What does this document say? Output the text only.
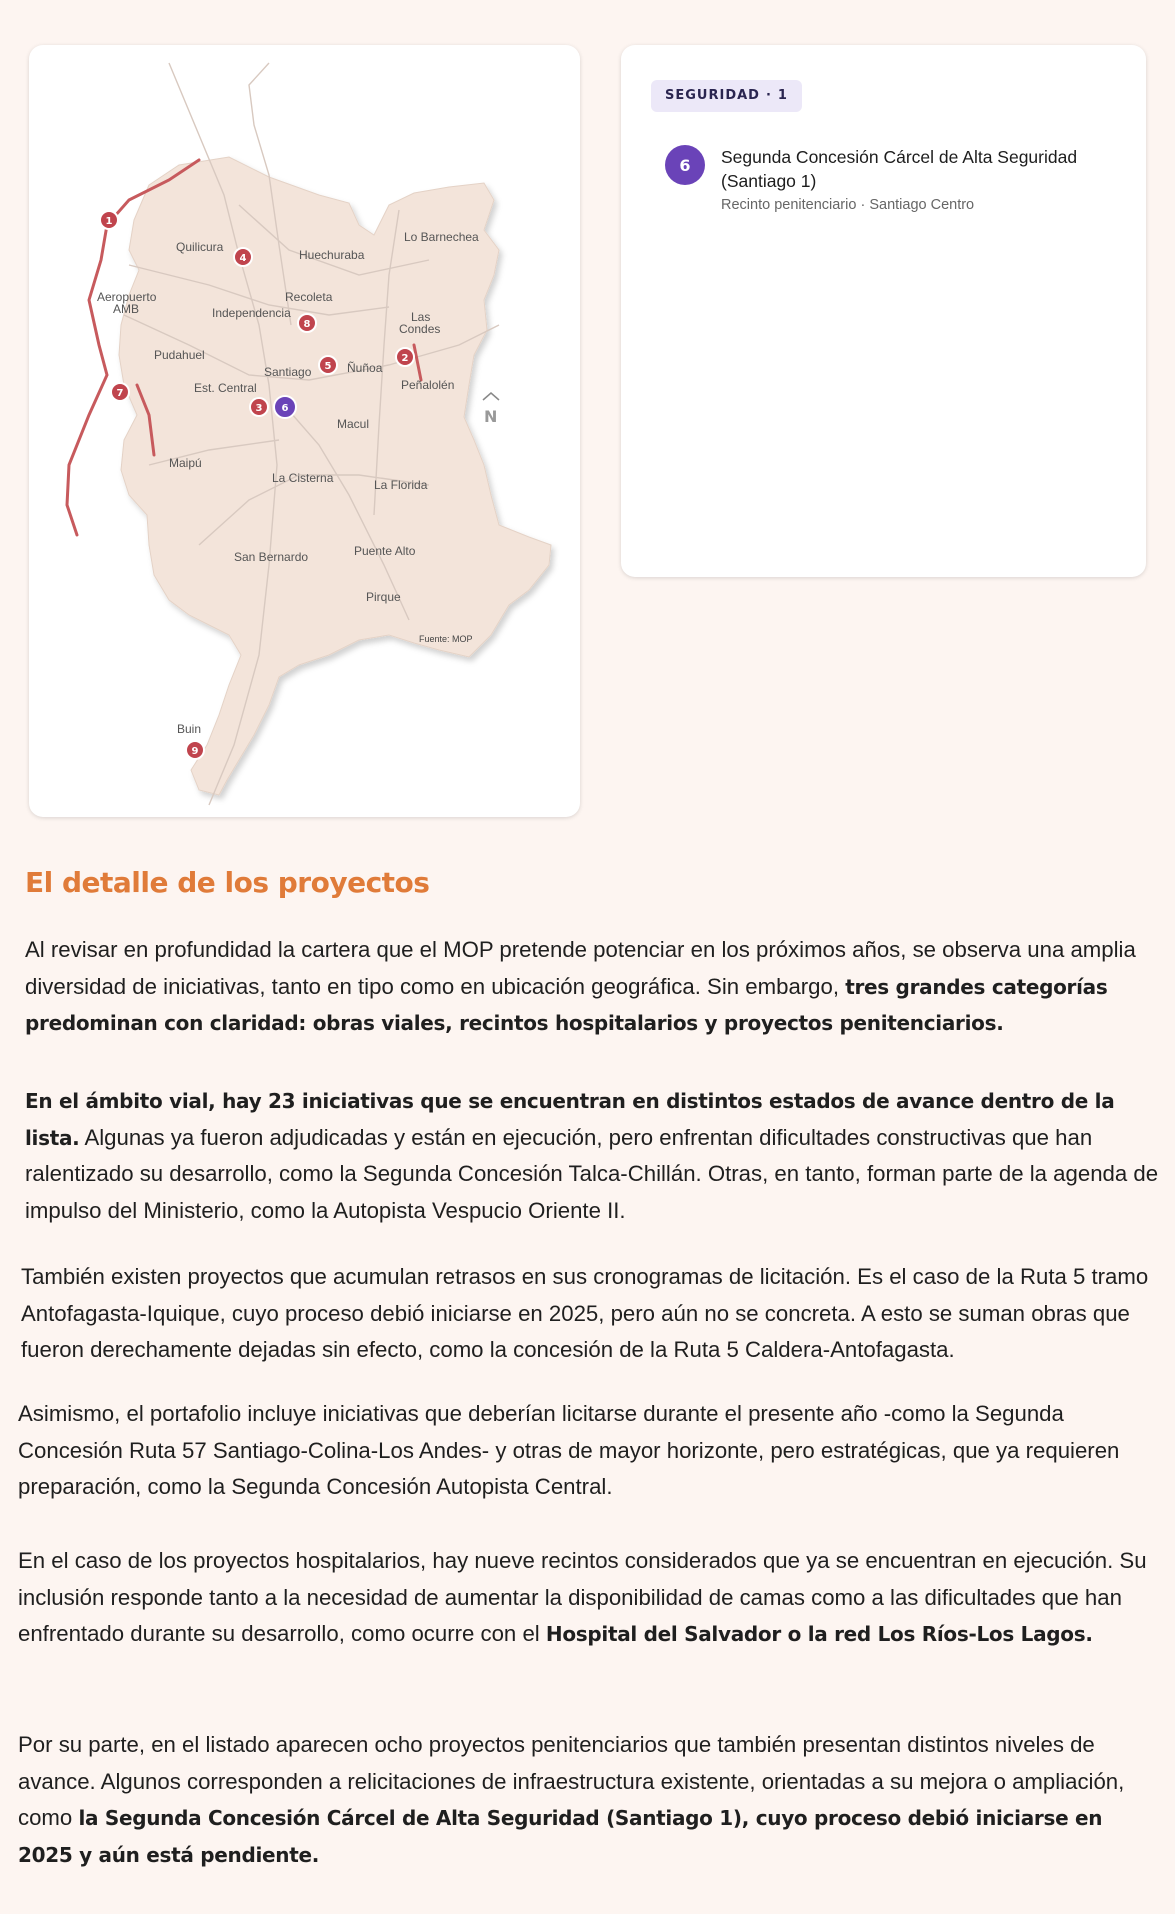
Quilicura
Huechuraba
Lo Barnechea
Aeropuerto
AMB
Recoleta
Independencia	Las
Condes
Pudahuel
Santiago	Ñuñoa
Est. Central	Peñalolén
Macul
Maipú
La Cisterna	La Florida
San Bernardo	Puente Alto
Pirque
Buin
Fuente: MOP
N
1
2
3
4
5
6
7
8
9
SEGURIDAD · 1
6	Segunda Concesión Cárcel de Alta Seguridad (Santiago 1)
Recinto penitenciario · Santiago Centro
El detalle de los proyectos

Al revisar en profundidad la cartera que el MOP pretende potenciar en los próximos años, se observa una amplia diversidad de iniciativas, tanto en tipo como en ubicación geográfica. Sin embargo, tres grandes categorías predominan con claridad: obras viales, recintos hospitalarios y proyectos penitenciarios.

En el ámbito vial, hay 23 iniciativas que se encuentran en distintos estados de avance dentro de la lista. Algunas ya fueron adjudicadas y están en ejecución, pero enfrentan dificultades constructivas que han ralentizado su desarrollo, como la Segunda Concesión Talca-Chillán. Otras, en tanto, forman parte de la agenda de impulso del Ministerio, como la Autopista Vespucio Oriente II.

También existen proyectos que acumulan retrasos en sus cronogramas de licitación. Es el caso de la Ruta 5 tramo Antofagasta-Iquique, cuyo proceso debió iniciarse en 2025, pero aún no se concreta. A esto se suman obras que fueron derechamente dejadas sin efecto, como la concesión de la Ruta 5 Caldera-Antofagasta.

Asimismo, el portafolio incluye iniciativas que deberían licitarse durante el presente año -como la Segunda Concesión Ruta 57 Santiago-Colina-Los Andes- y otras de mayor horizonte, pero estratégicas, que ya requieren preparación, como la Segunda Concesión Autopista Central.

En el caso de los proyectos hospitalarios, hay nueve recintos considerados que ya se encuentran en ejecución. Su inclusión responde tanto a la necesidad de aumentar la disponibilidad de camas como a las dificultades que han enfrentado durante su desarrollo, como ocurre con el Hospital del Salvador o la red Los Ríos-Los Lagos.

Por su parte, en el listado aparecen ocho proyectos penitenciarios que también presentan distintos niveles de avance. Algunos corresponden a relicitaciones de infraestructura existente, orientadas a su mejora o ampliación, como la Segunda Concesión Cárcel de Alta Seguridad (Santiago 1), cuyo proceso debió iniciarse en 2025 y aún está pendiente.
